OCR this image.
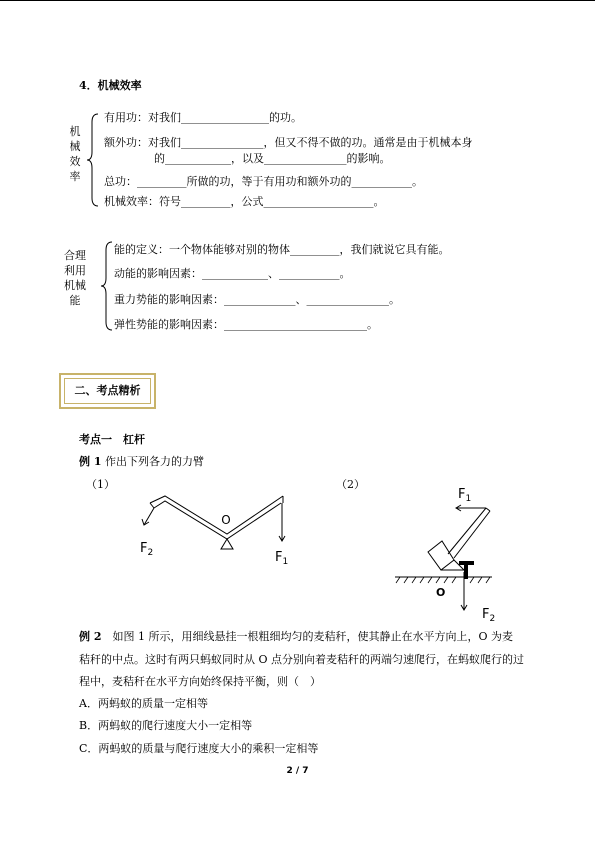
4．机械效率
机
械
效
率
有用功：对我们________________的功。
额外功：对我们_______________，但又不得不做的功。通常是由于机械本身
的____________，以及_______________的影响。
总功：_________所做的功，等于有用功和额外功的___________。
机械效率：符号_________，公式____________________。
合理
利用
机械
能
能的定义：一个物体能够对别的物体_________，我们就说它具有能。
动能的影响因素：____________、___________。
重力势能的影响因素：_____________、_______________。
弹性势能的影响因素：__________________________。
二、考点精析
考点一　杠杆
例 1 作出下列各力的力臂
（1）	（2）
O
$F_2$	$F_1$
$F_1$
O
$F_2$
例 2　如图 1 所示，用细线悬挂一根粗细均匀的麦秸秆，使其静止在水平方向上，O 为麦
秸秆的中点。这时有两只蚂蚁同时从 O 点分别向着麦秸秆的两端匀速爬行，在蚂蚁爬行的过
程中，麦秸秆在水平方向始终保持平衡，则（　）
A．两蚂蚁的质量一定相等
B．两蚂蚁的爬行速度大小一定相等
C．两蚂蚁的质量与爬行速度大小的乘积一定相等
2 / 7
